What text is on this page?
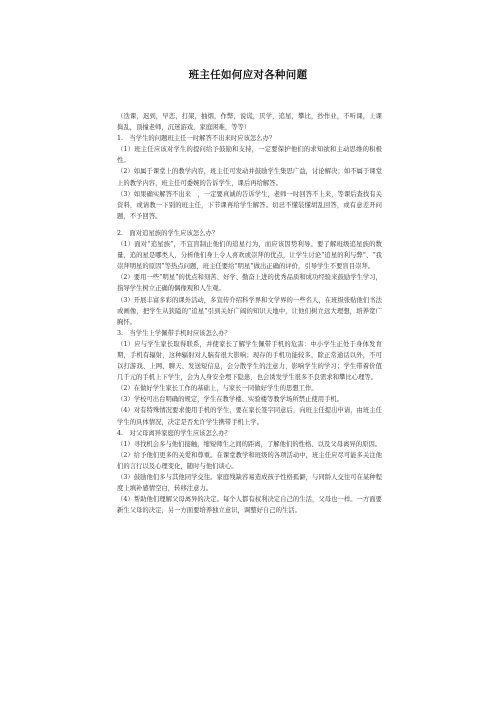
班主任如何应对各种问题

（迭课，迟到，早恋，打架，抽烟，作弊，说谎，厌学，追星，攀比，抄作业，不听课，上课捣乱，顶撞老师，沉迷游戏，家庭困难，等等）

1.　当学生的问题班主任一时解答不出来时应该怎么办？

（1）班主任应该对学生的提问给予鼓励和支持，一定要保护他们的求知欲和主动思维的积极性。

（2）如属于课堂上的教学内容，班主任可发动并鼓励学生集思广益，讨论解决；如不属于课堂上的教学内容，班主任可委婉的告诉学生，课后再给解答。

（3）如果确实解答不出来　，一定要真诚的告诉学生，老师一时回答不上来，等课后查找有关资料，或请教一下别的班主任，下节课再给学生解答。切忌不懂装懂胡乱回答，或有意差开问题，不予回答。

2.　面对追星族的学生应该怎么办？

（1）面对“追星族”，不宜盲制止他们的追星行为，而应该因势利导。要了解班级追星族的数量，追的星是哪类人，分析他们身上令人喜欢或崇拜的优点，让学生讨论“追星的利与弊”、“我崇拜明星的原因”等热点问题，班主任要给“明星”做出正确的评价，引导学生不要盲目崇拜。

（2）要用一些“明星”的优点和刻苦、好学、勤奋上进的优秀品质和成功经验来鼓励学生学习，指导学生树立正确的偶像观和人生观。

（3）开展丰富多彩的课外活动，多宣传介绍科学界和文学界的一些名人，在班级张贴他们书法或画像，把学生从狭隘的“追星”引到关好广阔的知识天地中，让他们树立远大理想，培养宽广胸怀。

3.　当学生上学佩带手机时应该怎么办？

（1）应与学生家长取得联系，并使家长了解学生佩带手机的危害：中小学生正处于身体发育期，手机有辐射，这种辐射对人脑有很大影响；现存的手机功能较多，除正常通话以外，不可以打游戏、上网、聊天、发送短信息，会分散学生的注意力，影响学生的学习；学生带着价值几千元的手机上下学生，会为人身安全埋下隐患，也会诱发学生很多不良需求和攀比心理等。

（2）在做好学生家长工作的基础上，与家长一同做好学生的思想工作。

（3）学校可出台明确的规定，学生在教学楼、实验楼等教学场所禁止使用手机。

（4）对有特殊情况要求使用手机的学生，要在家长签字同意后，向班主任提出申请，由班主任学生的具体情况，决定是否允许学生携带手机上学。

4.　对父母离异家庭的学生应该怎么办？

（1）寻找机会多与他们接触，缩短师生之间的距离，了解他们的性格、以及父母离异的原因。

（2）给予他们更多的关爱和尊重。在课堂教学和班级的各项活动中，班主任应尽可能多关注他们的言行以及心理变化，随时与他们谈心。

（3）鼓励他们多与其他同学交往。家庭残缺容易造成孩子性格孤僻，与同龄人交往可在某种程度上填补感情空白，转移注意力。

（4）帮助他们理解父母离异的决定。每个人都有权利决定自己的生活，父母也一样。一方面要新生父母的决定，另一方面要培养独立意识，调整好自己的生活。
